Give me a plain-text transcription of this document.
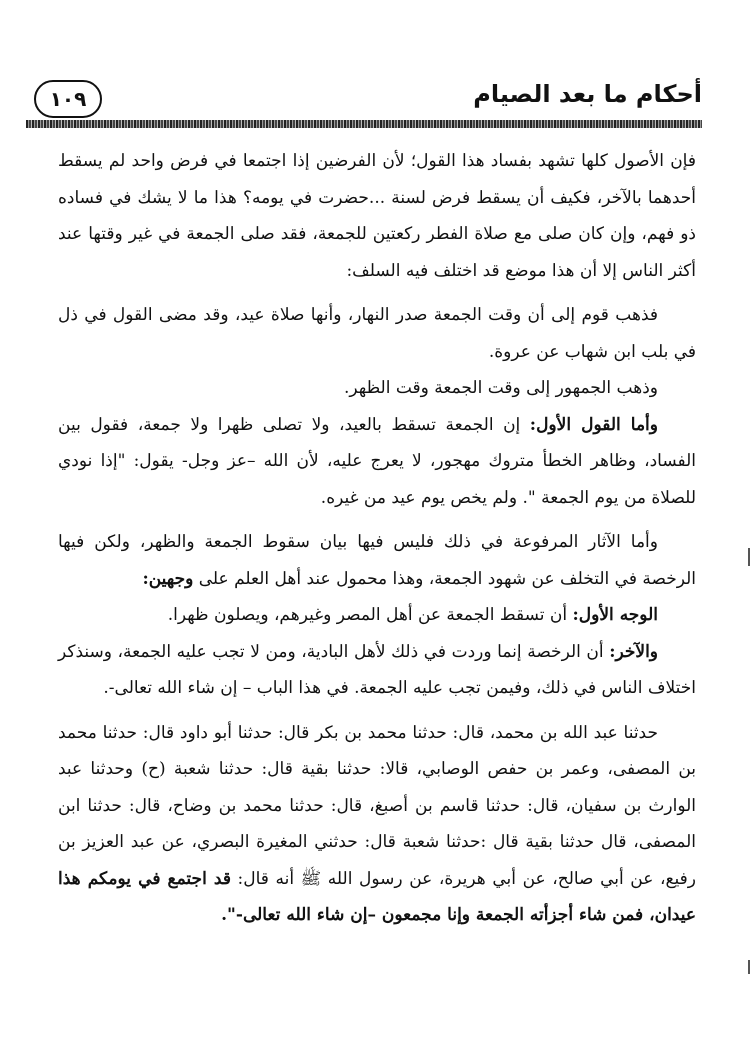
١٠٩	أحكام ما بعد الصيام

فإن الأصول كلها تشهد بفساد هذا القول؛ لأن الفرضين إذا اجتمعا في فرض واحد لم يسقط أحدهما بالآخر، فكيف أن يسقط فرض لسنة ...حضرت في يومه؟ هذا ما لا يشك في فساده ذو فهم، وإن كان صلى مع صلاة الفطر ركعتين للجمعة، فقد صلى الجمعة في غير وقتها عند أكثر الناس إلا أن هذا موضع قد اختلف فيه السلف:

فذهب قوم إلى أن وقت الجمعة صدر النهار، وأنها صلاة عيد، وقد مضى القول في ذل في بلب ابن شهاب عن عروة.

وذهب الجمهور إلى وقت الجمعة وقت الظهر.

وأما القول الأول: إن الجمعة تسقط بالعيد، ولا تصلى ظهرا ولا جمعة، فقول بين الفساد، وظاهر الخطأ متروك مهجور، لا يعرج عليه، لأن الله –عز وجل- يقول: "إذا نودي للصلاة من يوم الجمعة ". ولم يخص يوم عيد من غيره.

وأما الآثار المرفوعة في ذلك فليس فيها بيان سقوط الجمعة والظهر، ولكن فيها الرخصة في التخلف عن شهود الجمعة، وهذا محمول عند أهل العلم على وجهين:

الوجه الأول: أن تسقط الجمعة عن أهل المصر وغيرهم، ويصلون ظهرا.

والآخر: أن الرخصة إنما وردت في ذلك لأهل البادية، ومن لا تجب عليه الجمعة، وسنذكر اختلاف الناس في ذلك، وفيمن تجب عليه الجمعة. في هذا الباب – إن شاء الله تعالى-.

حدثنا عبد الله بن محمد، قال: حدثنا محمد بن بكر قال: حدثنا أبو داود قال: حدثنا محمد بن المصفى، وعمر بن حفص الوصابي، قالا: حدثنا بقية قال: حدثنا شعبة (ح) وحدثنا عبد الوارث بن سفيان، قال: حدثنا قاسم بن أصبغ، قال: حدثنا محمد بن وضاح، قال: حدثنا ابن المصفى، قال حدثنا بقية قال :حدثنا شعبة قال: حدثني المغيرة البصري، عن عبد العزيز بن رفيع، عن أبي صالح، عن أبي هريرة، عن رسول الله ﷺ أنه قال: قد اجتمع في يومكم هذا عيدان، فمن شاء أجزأته الجمعة وإنا مجمعون –إن شاء الله تعالى-".
